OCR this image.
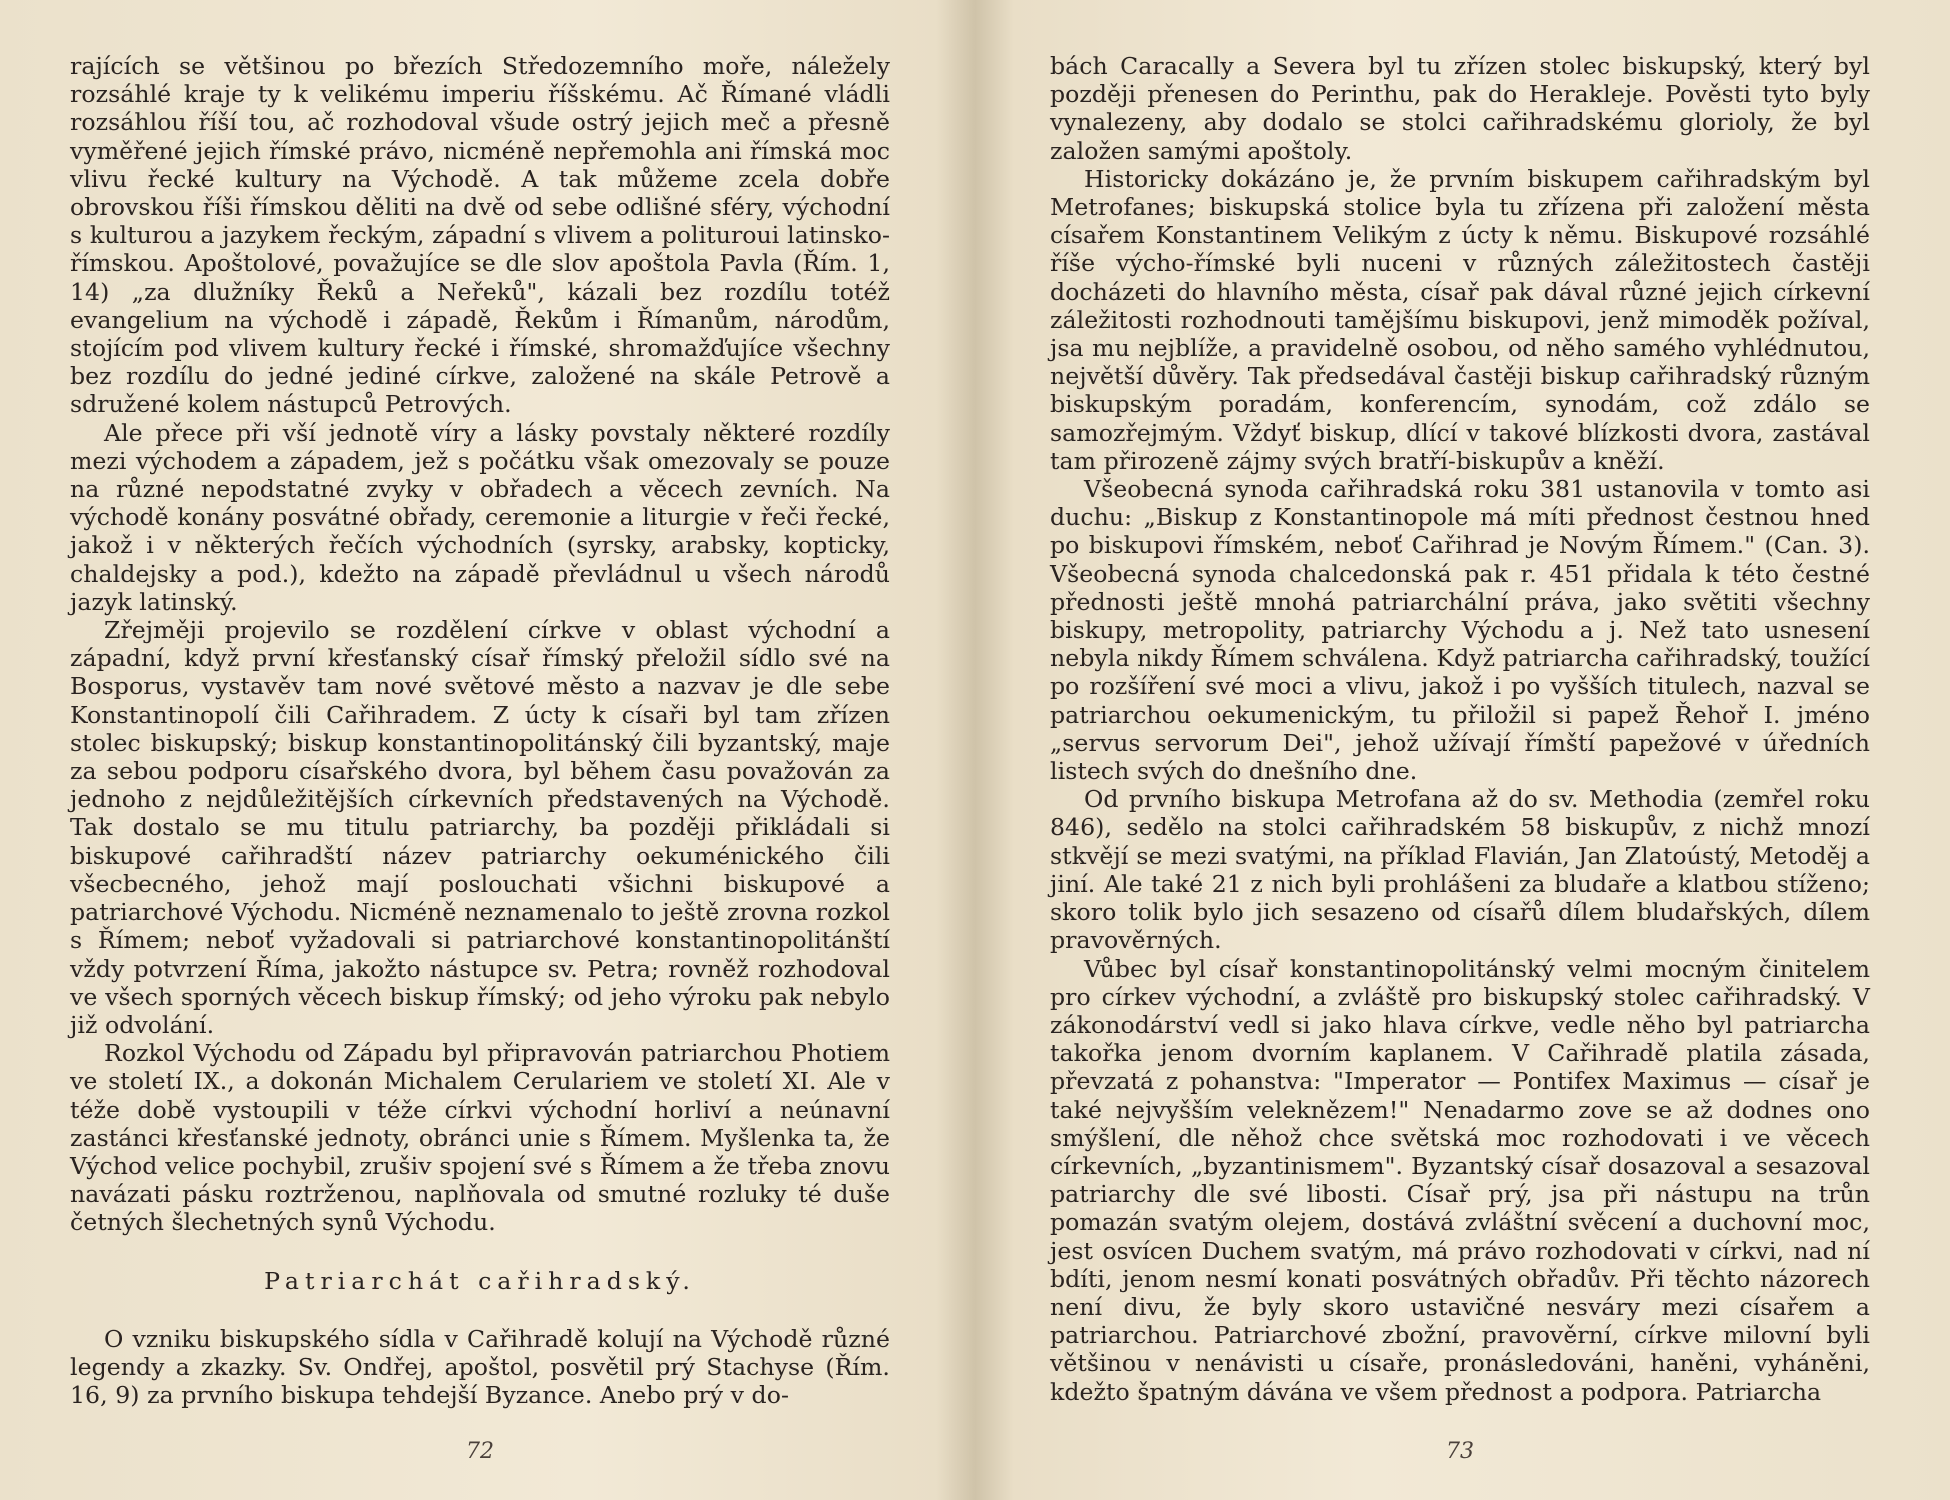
rajících se většinou po březích Středozemního moře, náležely rozsáhlé kraje ty k velikému imperiu říšskému. Ač Římané vládli rozsáhlou říší tou, ač rozhodoval všude ostrý jejich meč a přesně vyměřené jejich římské právo, nicméně nepřemohla ani římská moc vlivu řecké kultury na Východě. A tak můžeme zcela dobře obrovskou říši římskou děliti na dvě od sebe odlišné sféry, východní s kulturou a jazykem řeckým, západní s vlivem a polituroui latinsko-římskou. Apoštolové, považujíce se dle slov apoštola Pavla (Řím. 1, 14) „za dlužníky Řeků a Neřeků", kázali bez rozdílu totéž evangelium na východě i západě, Řekům i Římanům, národům, stojícím pod vlivem kultury řecké i římské, shromažďujíce všechny bez rozdílu do jedné jediné církve, založené na skále Petrově a sdružené kolem nástupců Petrových.

Ale přece při vší jednotě víry a lásky povstaly některé rozdíly mezi východem a západem, jež s počátku však omezovaly se pouze na různé nepodstatné zvyky v obřadech a věcech zevních. Na východě konány posvátné obřady, ceremonie a liturgie v řeči řecké, jakož i v některých řečích východních (syrsky, arabsky, kopticky, chaldejsky a pod.), kdežto na západě převládnul u všech národů jazyk latinský.

Zřejměji projevilo se rozdělení církve v oblast východní a západní, když první křesťanský císař římský přeložil sídlo své na Bosporus, vystavěv tam nové světové město a nazvav je dle sebe Konstantinopolí čili Cařihradem. Z úcty k císaři byl tam zřízen stolec biskupský; biskup konstantinopolitánský čili byzantský, maje za sebou podporu císařského dvora, byl během času považován za jednoho z nejdůležitějších církevních představených na Východě. Tak dostalo se mu titulu patriarchy, ba později přikládali si biskupové cařihradští název patriarchy oekuménického čili všecbecného, jehož mají poslouchati všichni biskupové a patriarchové Východu. Nicméně neznamenalo to ještě zrovna rozkol s Římem; neboť vyžadovali si patriarchové konstantinopolitánští vždy potvrzení Říma, jakožto nástupce sv. Petra; rovněž rozhodoval ve všech sporných věcech biskup římský; od jeho výroku pak nebylo již odvolání.

Rozkol Východu od Západu byl připravován patriarchou Photiem ve století IX., a dokonán Michalem Cerulariem ve století XI. Ale v téže době vystoupili v téže církvi východní horliví a neúnavní zastánci křesťanské jednoty, obránci unie s Římem. Myšlenka ta, že Východ velice pochybil, zrušiv spojení své s Římem a že třeba znovu navázati pásku roztrženou, naplňovala od smutné rozluky té duše četných šlechetných synů Východu.

Patriarchát cařihradský.

O vzniku biskupského sídla v Cařihradě kolují na Východě různé legendy a zkazky. Sv. Ondřej, apoštol, posvětil prý Stachyse (Řím. 16, 9) za prvního biskupa tehdejší Byzance. Anebo prý v do-

72

bách Caracally a Severa byl tu zřízen stolec biskupský, který byl později přenesen do Perinthu, pak do Herakleje. Pověsti tyto byly vynalezeny, aby dodalo se stolci cařihradskému glorioly, že byl založen samými apoštoly.

Historicky dokázáno je, že prvním biskupem cařihradským byl Metrofanes; biskupská stolice byla tu zřízena při založení města císařem Konstantinem Velikým z úcty k němu. Biskupové rozsáhlé říše výcho-římské byli nuceni v různých záležitostech častěji docházeti do hlavního města, císař pak dával různé jejich církevní záležitosti rozhodnouti tamějšímu biskupovi, jenž mimoděk požíval, jsa mu nejblíže, a pravidelně osobou, od něho samého vyhlédnutou, největší důvěry. Tak předsedával častěji biskup cařihradský různým biskupským poradám, konferencím, synodám, což zdálo se samozřejmým. Vždyť biskup, dlící v takové blízkosti dvora, zastával tam přirozeně zájmy svých bratří-biskupův a kněží.

Všeobecná synoda cařihradská roku 381 ustanovila v tomto asi duchu: „Biskup z Konstantinopole má míti přednost čestnou hned po biskupovi římském, neboť Cařihrad je Novým Římem." (Can. 3). Všeobecná synoda chalcedonská pak r. 451 přidala k této čestné přednosti ještě mnohá patriarchální práva, jako světiti všechny biskupy, metropolity, patriarchy Východu a j. Než tato usnesení nebyla nikdy Římem schválena. Když patriarcha cařihradský, toužící po rozšíření své moci a vlivu, jakož i po vyšších titulech, nazval se patriarchou oekumenickým, tu přiložil si papež Řehoř I. jméno „servus servorum Dei", jehož užívají římští papežové v úředních listech svých do dnešního dne.

Od prvního biskupa Metrofana až do sv. Methodia (zemřel roku 846), sedělo na stolci cařihradském 58 biskupův, z nichž mnozí stkvějí se mezi svatými, na příklad Flavián, Jan Zlatoústý, Metoděj a jiní. Ale také 21 z nich byli prohlášeni za bludaře a klatbou stíženo; skoro tolik bylo jich sesazeno od císařů dílem bludařských, dílem pravověrných.

Vůbec byl císař konstantinopolitánský velmi mocným činitelem pro církev východní, a zvláště pro biskupský stolec cařihradský. V zákonodárství vedl si jako hlava církve, vedle něho byl patriarcha takořka jenom dvorním kaplanem. V Cařihradě platila zásada, převzatá z pohanstva: "Imperator — Pontifex Maximus — císař je také nejvyšším veleknězem!" Nenadarmo zove se až dodnes ono smýšlení, dle něhož chce světská moc rozhodovati i ve věcech církevních, „byzantinismem". Byzantský císař dosazoval a sesazoval patriarchy dle své libosti. Císař prý, jsa při nástupu na trůn pomazán svatým olejem, dostává zvláštní svěcení a duchovní moc, jest osvícen Duchem svatým, má právo rozhodovati v církvi, nad ní bdíti, jenom nesmí konati posvátných obřadův. Při těchto názorech není divu, že byly skoro ustavičné nesváry mezi císařem a patriarchou. Patriarchové zbožní, pravověrní, církve milovní byli většinou v nenávisti u císaře, pronásledováni, haněni, vyháněni, kdežto špatným dávána ve všem přednost a podpora. Patriarcha

73
